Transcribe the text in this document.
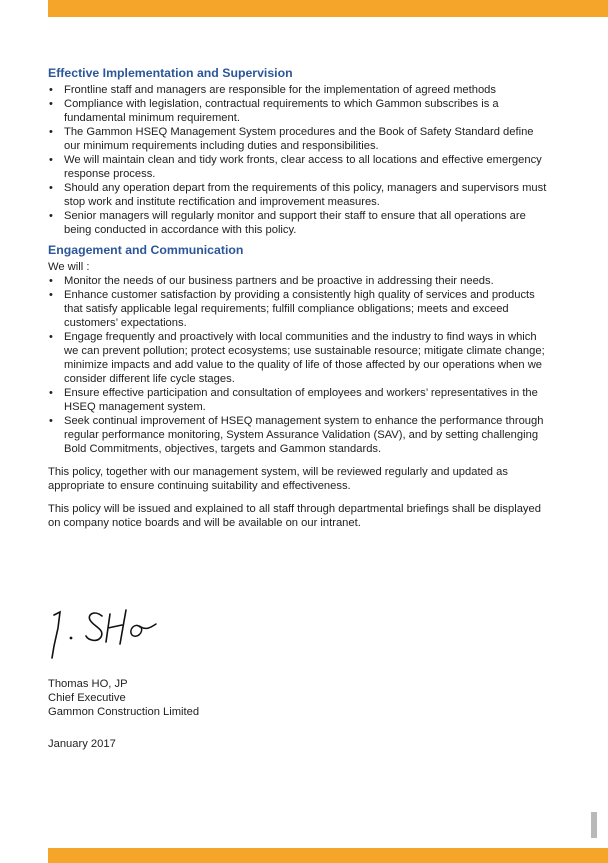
Effective Implementation and Supervision
• Frontline staff and managers are responsible for the implementation of agreed methods
• Compliance with legislation, contractual requirements to which Gammon subscribes is a fundamental minimum requirement.
• The Gammon HSEQ Management System procedures and the Book of Safety Standard define our minimum requirements including duties and responsibilities.
• We will maintain clean and tidy work fronts, clear access to all locations and effective emergency response process.
• Should any operation depart from the requirements of this policy, managers and supervisors must stop work and institute rectification and improvement measures.
• Senior managers will regularly monitor and support their staff to ensure that all operations are being conducted in accordance with this policy.
Engagement and Communication

We will :

• Monitor the needs of our business partners and be proactive in addressing their needs.
• Enhance customer satisfaction by providing a consistently high quality of services and products that satisfy applicable legal requirements; fulfill compliance obligations; meets and exceed customers’ expectations.
• Engage frequently and proactively with local communities and the industry to find ways in which we can prevent pollution; protect ecosystems; use sustainable resource; mitigate climate change; minimize impacts and add value to the quality of life of those affected by our operations when we consider different life cycle stages.
• Ensure effective participation and consultation of employees and workers’ representatives in the HSEQ management system.
• Seek continual improvement of HSEQ management system to enhance the performance through regular performance monitoring, System Assurance Validation (SAV), and by setting challenging Bold Commitments, objectives, targets and Gammon standards.

This policy, together with our management system, will be reviewed regularly and updated as appropriate to ensure continuing suitability and effectiveness.

This policy will be issued and explained to all staff through departmental briefings shall be displayed on company notice boards and will be available on our intranet.

Thomas HO, JP
Chief Executive
Gammon Construction Limited
January 2017
